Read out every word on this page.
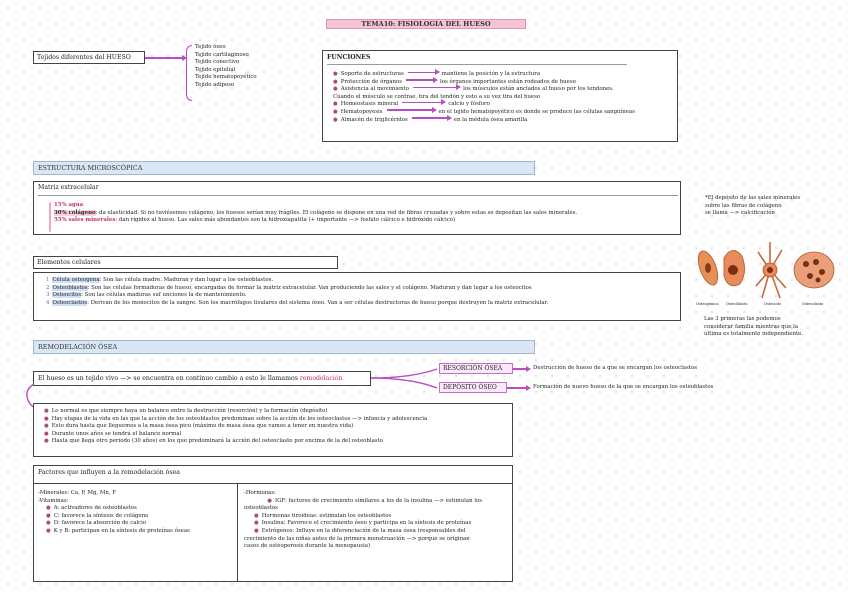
TEMA10: FISIOLOGIA DEL HUESO
Tejidos diferentes del HUESO
Tejido óseo
Tejido cartilaginoso
Tejido conectivo
Tejido epitelial
Tejido hematopoyético
Tejido adiposo
FUNCIONES
● Soporte de estructuras	mantiene la posición y la estructura
● Protección de órganos	los órganos importantes están rodeados de hueso
● Asistencia al movimiento	los músculos están anclados al hueso por los tendones.
Cuando el músculo se contrae, tira del tendón y esto a su vez tira del hueso
● Homeostasis mineral	calcio y fósforo
● Hematopoyesis	en el tejido hematopoyético es donde se produce las células sanguíneas
● Almacén de triglicéridos	en la médula ósea amarilla
ESTRUCTURA MICROSCÓPICA
Matriz extracelular
15% agua
30% colágeno: da elasticidad. Si no tuviésemos colágeno, los huesos serían muy frágiles. El colágeno se dispone en una red de fibras cruzadas y sobre estas se depositan las sales minerales.
55% sales minerales: dan rigidez al hueso. Las sales más abundantes son la hidroxiapatita (+ importante —> fosfato cálcico e hidróxido cálcico)
*El depósito de las sales minerales
sobre las fibras de colágeno
se llama —> calcificación
Elementos celulares
1 Célula osteogena: Son las célula madre. Maduran y dan lugar a los osteoblastos.
2 Osteoblastos: Son las células formadoras de hueso, encargadas de formar la matriz extracelular. Van produciendo las sales y el colágeno. Maduran y dan lugar a los osteocitos
3 Osteocitos: Son las células maduras suf unciones la de mantenimiento.
4 Osteoclastos: Derivan de los monocitos de la sangre. Son los macrófagos tisulares del sistema óseo. Van a ser células destructoras de hueso porque destruyen la matriz extracelular.	Osteogénica Osteoblasto	Osteocito	Osteoclasto
Las 3 primeras las podemos
considerar familia mientras que la
última es totalmente independiente.
REMODELACIÓN ÓSEA
El hueso es un tejido vivo —> se encuentra en continuo cambio a esto le llamamos remodelación
RESORCIÓN ÓSEA	Destrucción de hueso de a que se encargan los osteoclastos
DEPÓSITO ÓSEO	Formación de nuevo hueso de la que se encargan los osteoblastos
● Lo normal es que siempre haya un balance entre la destrucción (resorción) y la formación (depósito)
● Hay etapas de la vida en las que la acción de los osteoblastos predominan sobre la acción de los osteoclastos —> infancia y adolescencia
● Esto dura hasta que lleguemos a la masa ósea pico (máximo de masa ósea que vamos a tener en nuestra vida)
● Durante unos años se tendrá el balance normal
● Hasta que llega otro periodo (30 años) en los que predominará la acción del osteoclasto por encima de la del osteoblasto
Factores que influyen a la remodelación ósea
-Minerales: Ca, P, Mg, Mn, F
-Vitaminas:
● A: activadores de osteoblastos
● C: favorece la síntesis de colágeno
● D: favorece la absorción de calcio
● K y B: participan en la síntesis de proteínas óseas
-Hormonas:
● IGF: factores de crecimiento similares a los de la insulina —> estimulan los
osteoblastos
● Hormonas tiroideas: estimulan los osteoblastos
● Insulina: Favorece el crecimiento óseo y participa en la síntesis de proteínas
● Estrógenos: Influye en la diferenciación de la masa ósea (responsables del
crecimiento de las niñas antes de la primera menstruación —> porque se originan
casos de osteoporosis durante la menopausia)
